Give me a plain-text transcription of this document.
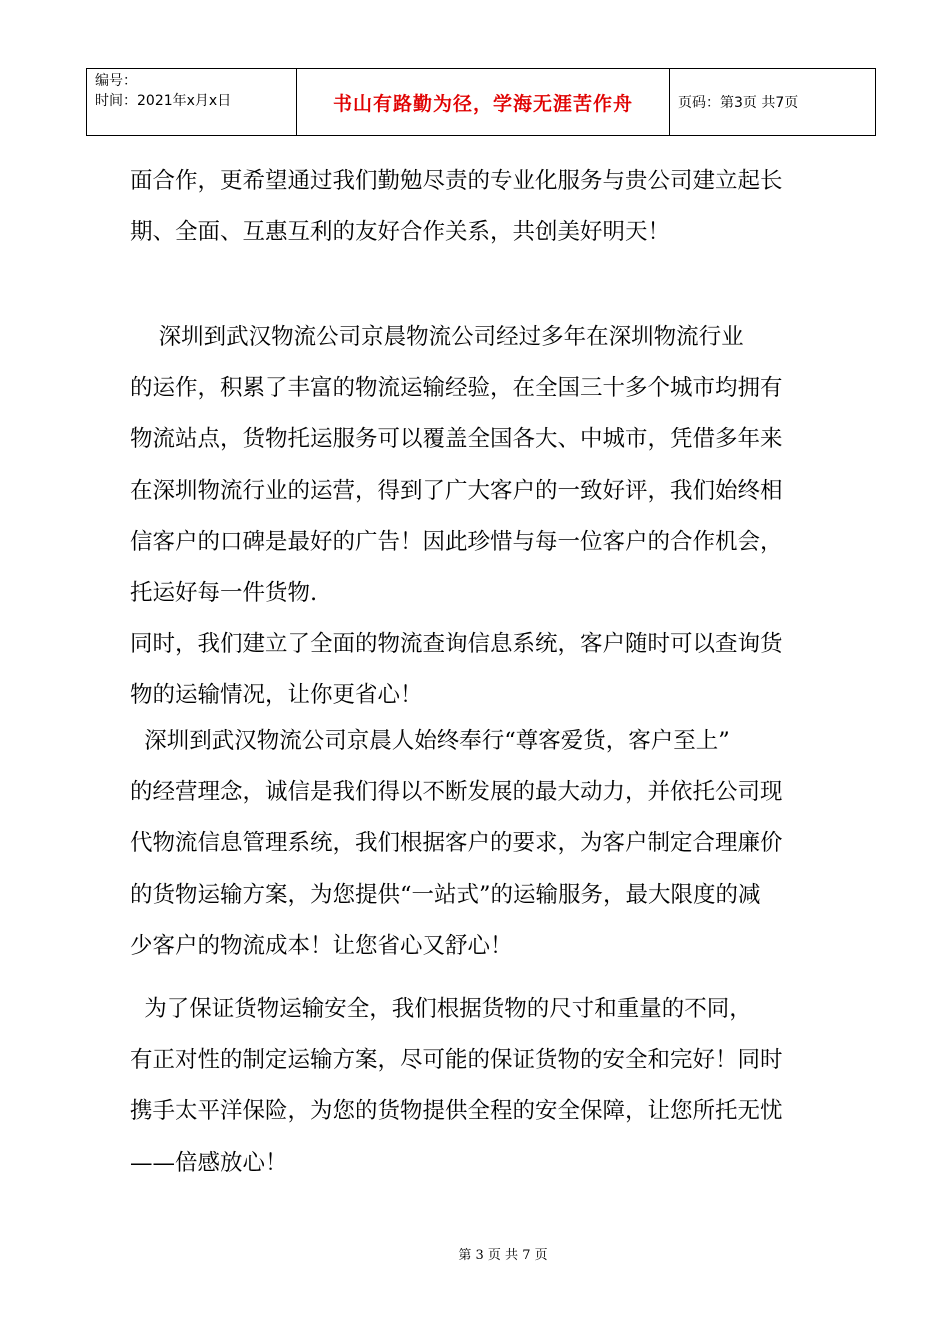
编号：
时间：2021年x月x日	书山有路勤为径，学海无涯苦作舟	页码：第3页 共7页
面合作，更希望通过我们勤勉尽责的专业化服务与贵公司建立起长
期、全面、互惠互利的友好合作关系，共创美好明天！
深圳到武汉物流公司京晨物流公司经过多年在深圳物流行业
的运作，积累了丰富的物流运输经验，在全国三十多个城市均拥有
物流站点，货物托运服务可以覆盖全国各大、中城市，凭借多年来
在深圳物流行业的运营，得到了广大客户的一致好评，我们始终相
信客户的口碑是最好的广告！因此珍惜与每一位客户的合作机会，
托运好每一件货物.
同时，我们建立了全面的物流查询信息系统，客户随时可以查询货
物的运输情况，让你更省心！
深圳到武汉物流公司京晨人始终奉行“尊客爱货，客户至上”
的经营理念，诚信是我们得以不断发展的最大动力，并依托公司现
代物流信息管理系统，我们根据客户的要求，为客户制定合理廉价
的货物运输方案，为您提供“一站式”的运输服务，最大限度的减
少客户的物流成本！让您省心又舒心！
为了保证货物运输安全，我们根据货物的尺寸和重量的不同，
有正对性的制定运输方案，尽可能的保证货物的安全和完好！同时
携手太平洋保险，为您的货物提供全程的安全保障，让您所托无忧
——倍感放心！
第 3 页 共 7 页
